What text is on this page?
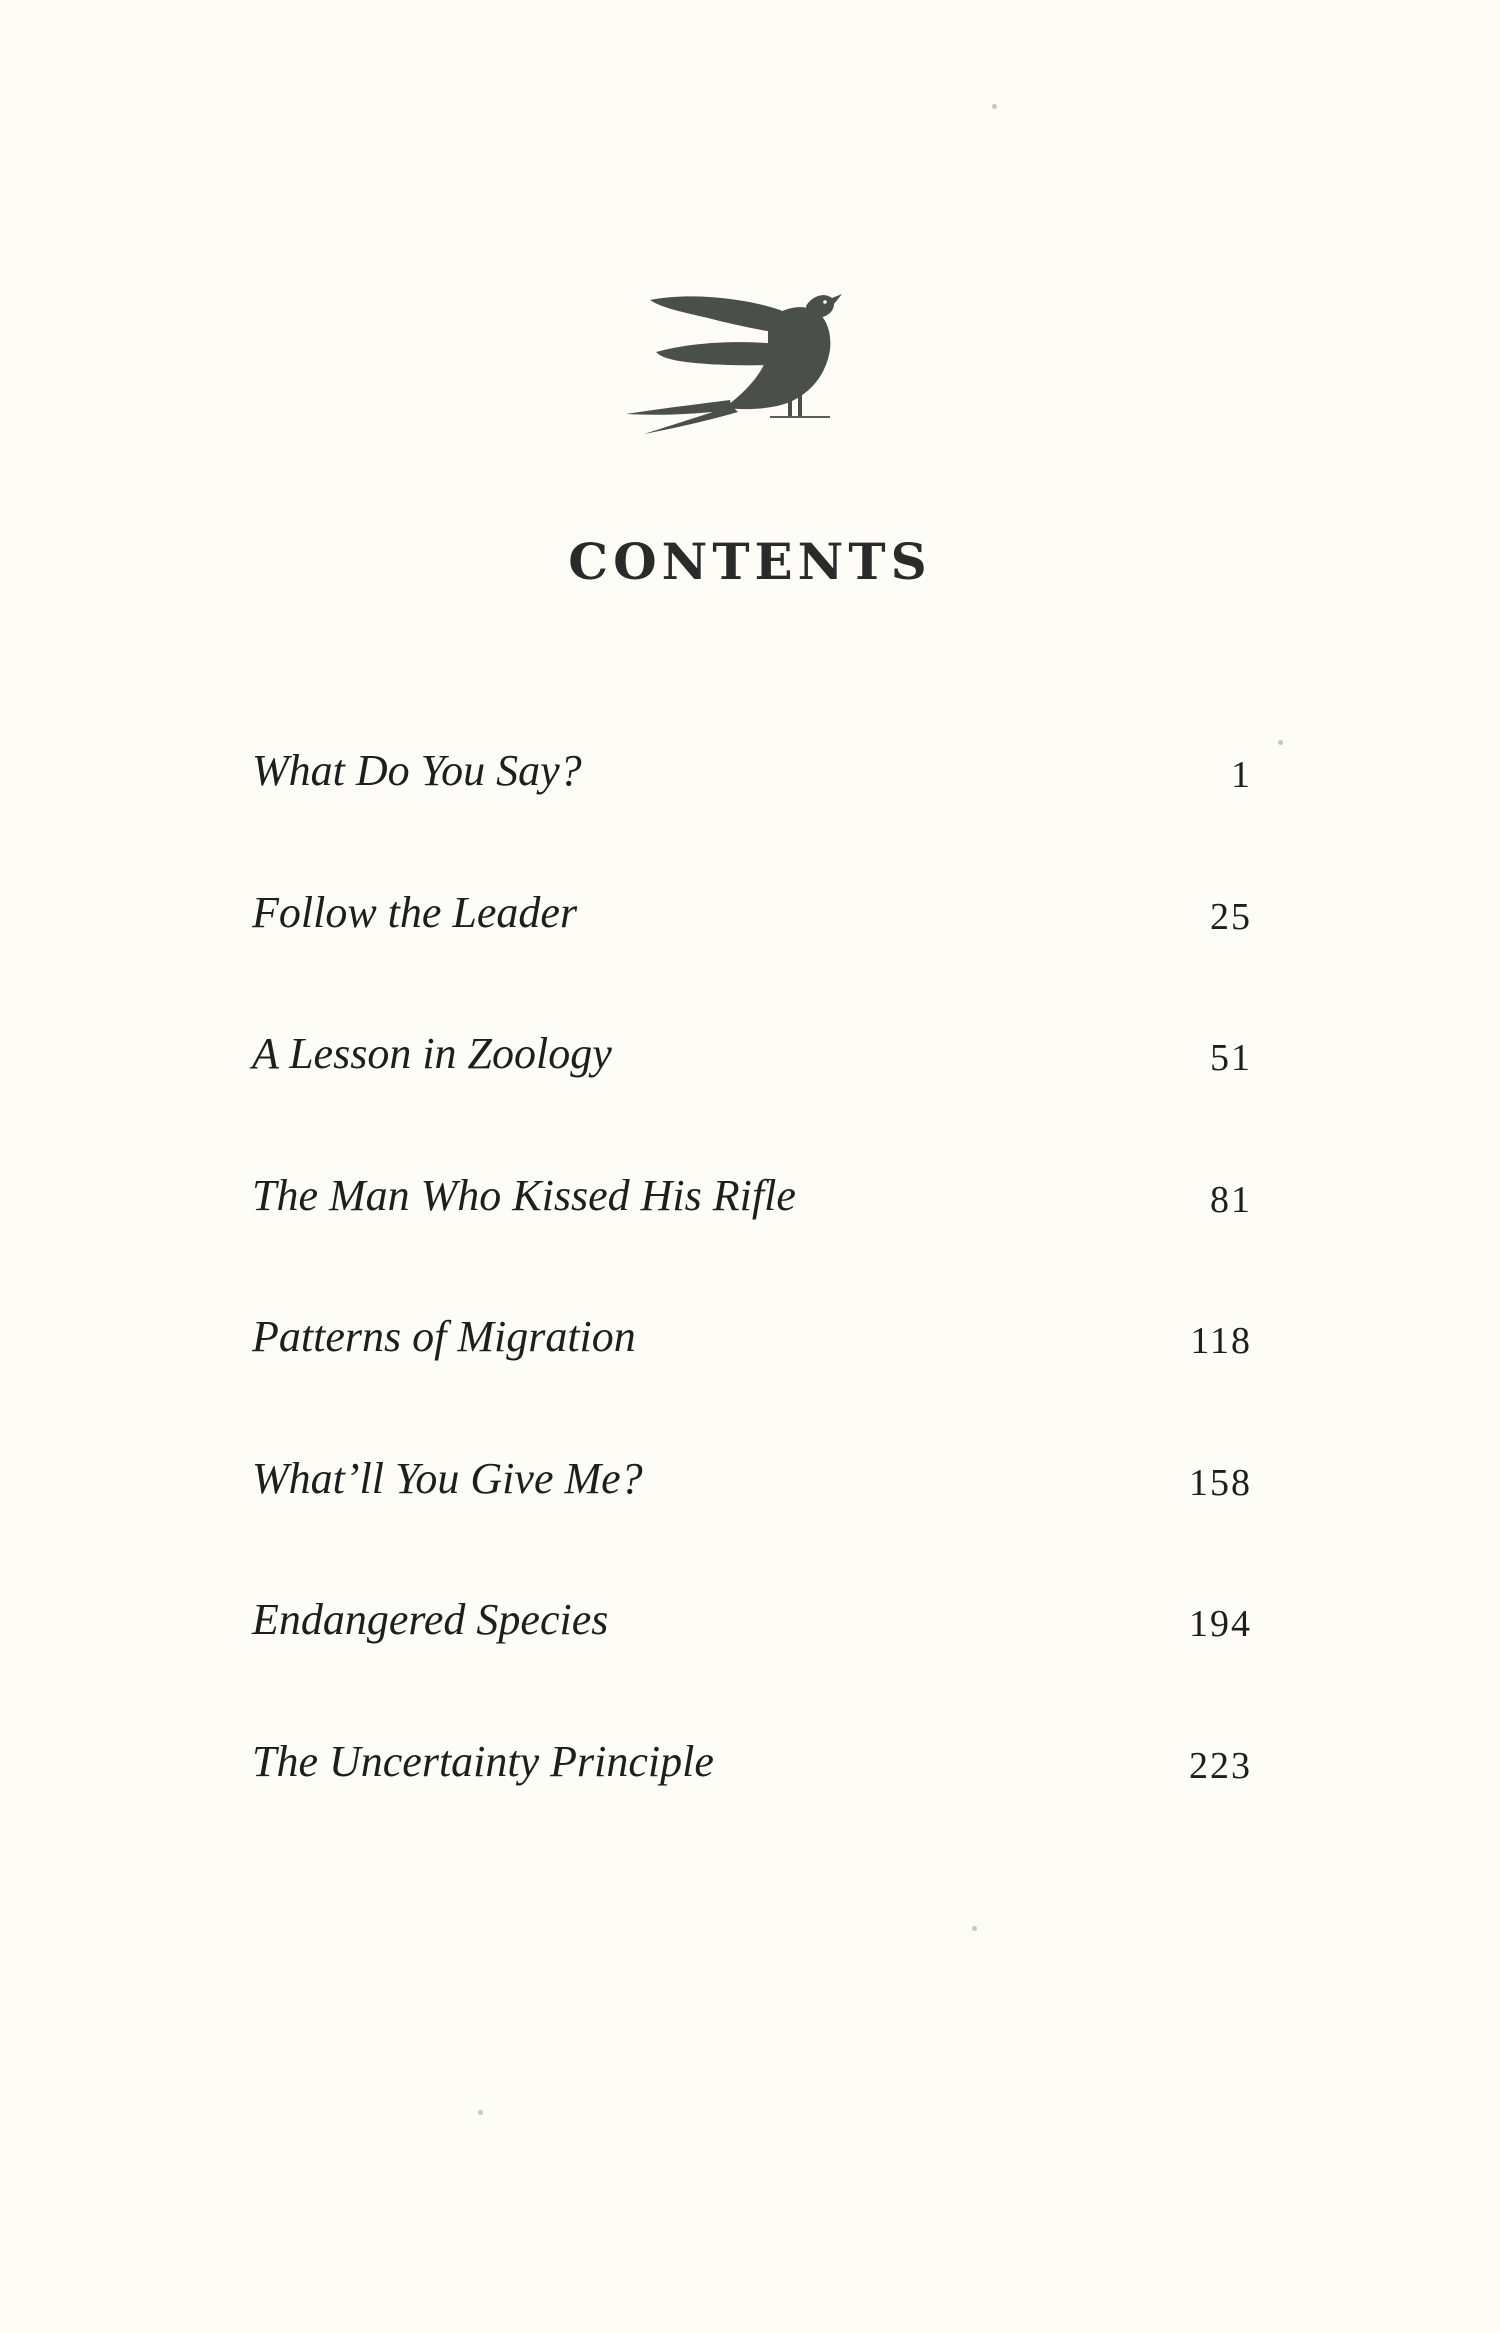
CONTENTS
What Do You Say?	1
Follow the Leader	25
A Lesson in Zoology	51
The Man Who Kissed His Rifle	81
Patterns of Migration	118
What’ll You Give Me?	158
Endangered Species	194
The Uncertainty Principle	223
